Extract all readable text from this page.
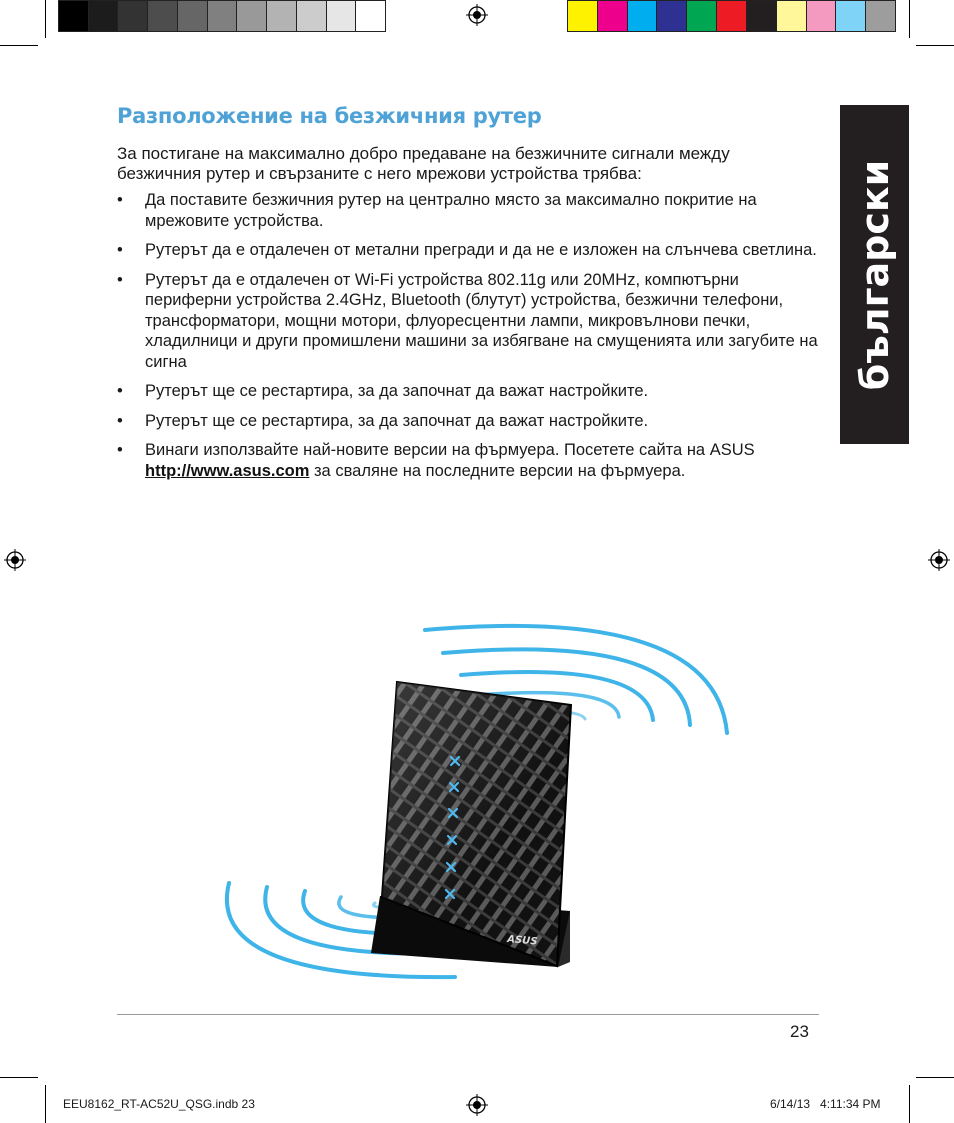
Разположение на безжичния рутер
За постигане на максимално добро предаване на безжичните сигнали между безжичния рутер и свързаните с него мрежови устройства трябва:
• Да поставите безжичния рутер на централно място за максимално покритие на мрежовите устройства.
• Рутерът да е отдалечен от метални прегради и да не е изложен на слънчева светлина.
• Рутерът да е отдалечен от Wi-Fi устройства 802.11g или 20MHz, компютърни периферни устройства 2.4GHz, Bluetooth (блутут) устройства, безжични телефони, трансформатори, мощни мотори, флуоресцентни лампи, микровълнови печки, хладилници и други промишлени машини за избягване на смущенията или загубите на сигна
• Рутерът ще се рестартира, за да започнат да важат настройките.
• Рутерът ще се рестартира, за да започнат да важат настройките.
• Винаги използвайте най-новите версии на фърмуера. Посетете сайта на ASUS http://www.asus.com за сваляне на последните версии на фърмуера.
български
ASUS
23
EEU8162_RT-AC52U_QSG.indb 23	6/14/13   4:11:34 PM
